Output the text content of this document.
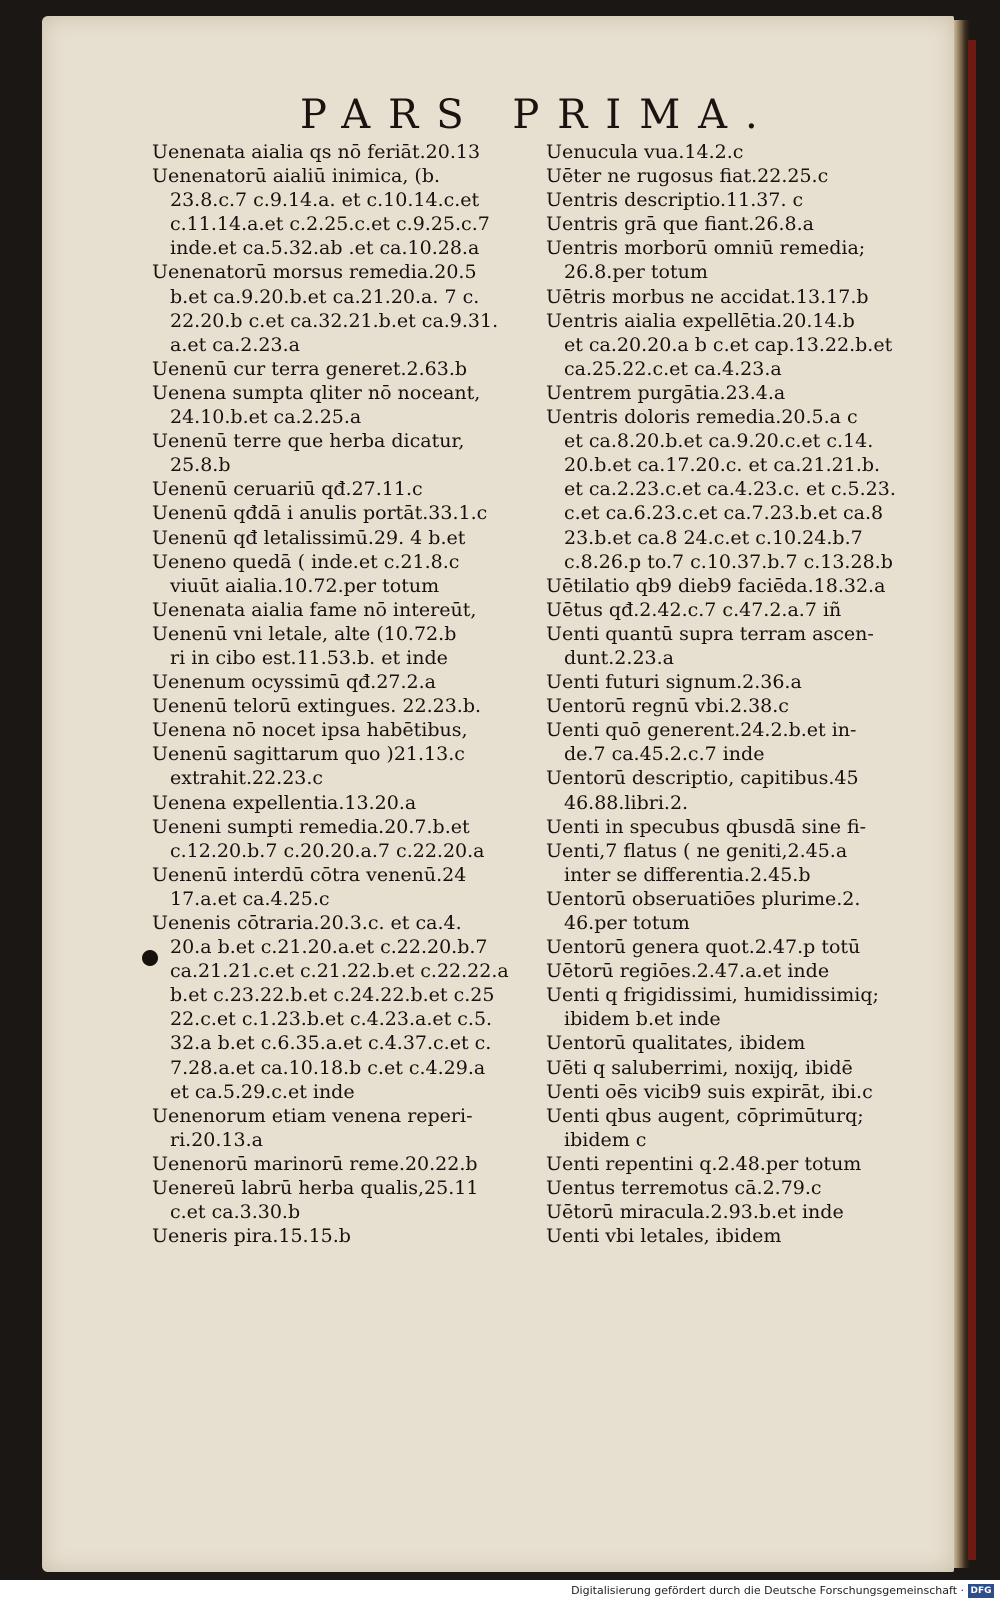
PARS PRIMA.
Uenenata aialia qs nō feriāt.20.13
Uenenatorū aialiū inimica, (b.
23.8.c.7 c.9.14.a. et c.10.14.c.et
c.11.14.a.et c.2.25.c.et c.9.25.c.7
inde.et ca.5.32.ab .et ca.10.28.a
Uenenatorū morsus remedia.20.5
b.et ca.9.20.b.et ca.21.20.a. 7 c.
22.20.b c.et ca.32.21.b.et ca.9.31.
a.et ca.2.23.a
Uenenū cur terra generet.2.63.b
Uenena sumpta qliter nō noceant,
24.10.b.et ca.2.25.a
Uenenū terre que herba dicatur,
25.8.b
Uenenū ceruariū qđ.27.11.c
Uenenū qđdā i anulis portāt.33.1.c
Uenenū qđ letalissimū.29. 4 b.et
Ueneno quedā ( inde.et c.21.8.c
viuūt aialia.10.72.per totum
Uenenata aialia fame nō intereūt,
Uenenū vni letale, alte (10.72.b
ri in cibo est.11.53.b. et inde
Uenenum ocyssimū qđ.27.2.a
Uenenū telorū extingues. 22.23.b.
Uenena nō nocet ipsa habētibus,
Uenenū sagittarum quo )21.13.c
extrahit.22.23.c
Uenena expellentia.13.20.a
Ueneni sumpti remedia.20.7.b.et
c.12.20.b.7 c.20.20.a.7 c.22.20.a
Uenenū interdū cōtra venenū.24
17.a.et ca.4.25.c
Uenenis cōtraria.20.3.c. et ca.4.
20.a b.et c.21.20.a.et c.22.20.b.7
ca.21.21.c.et c.21.22.b.et c.22.22.a
b.et c.23.22.b.et c.24.22.b.et c.25
22.c.et c.1.23.b.et c.4.23.a.et c.5.
32.a b.et c.6.35.a.et c.4.37.c.et c.
7.28.a.et ca.10.18.b c.et c.4.29.a
et ca.5.29.c.et inde
Uenenorum etiam venena reperi-
ri.20.13.a
Uenenorū marinorū reme.20.22.b
Uenereū labrū herba qualis,25.11
c.et ca.3.30.b
Ueneris pira.15.15.b
Uenucula vua.14.2.c
Uēter ne rugosus fiat.22.25.c
Uentris descriptio.11.37. c
Uentris grā que fiant.26.8.a
Uentris morborū omniū remedia;
26.8.per totum
Uētris morbus ne accidat.13.17.b
Uentris aialia expellētia.20.14.b
et ca.20.20.a b c.et cap.13.22.b.et
ca.25.22.c.et ca.4.23.a
Uentrem purgātia.23.4.a
Uentris doloris remedia.20.5.a c
et ca.8.20.b.et ca.9.20.c.et c.14.
20.b.et ca.17.20.c. et ca.21.21.b.
et ca.2.23.c.et ca.4.23.c. et c.5.23.
c.et ca.6.23.c.et ca.7.23.b.et ca.8
23.b.et ca.8 24.c.et c.10.24.b.7
c.8.26.p to.7 c.10.37.b.7 c.13.28.b
Uētilatio qb9 dieb9 faciēda.18.32.a
Uētus qđ.2.42.c.7 c.47.2.a.7 iñ
Uenti quantū supra terram ascen-
dunt.2.23.a
Uenti futuri signum.2.36.a
Uentorū regnū vbi.2.38.c
Uenti quō generent.24.2.b.et in-
de.7 ca.45.2.c.7 inde
Uentorū descriptio, capitibus.45
46.88.libri.2.
Uenti in specubus qbusdā sine fi-
Uenti,7 flatus ( ne geniti,2.45.a
inter se differentia.2.45.b
Uentorū obseruatiōes plurime.2.
46.per totum
Uentorū genera quot.2.47.p totū
Uētorū regiōes.2.47.a.et inde
Uenti q frigidissimi, humidissimiq;
ibidem b.et inde
Uentorū qualitates, ibidem
Uēti q saluberrimi, noxijq, ibidē
Uenti oēs vicib9 suis expirāt, ibi.c
Uenti qbus augent, cōprimūturq;
ibidem c
Uenti repentini q.2.48.per totum
Uentus terremotus cā.2.79.c
Uētorū miracula.2.93.b.et inde
Uenti vbi letales, ibidem
Digitalisierung gefördert durch die Deutsche Forschungsgemeinschaft · DFG
